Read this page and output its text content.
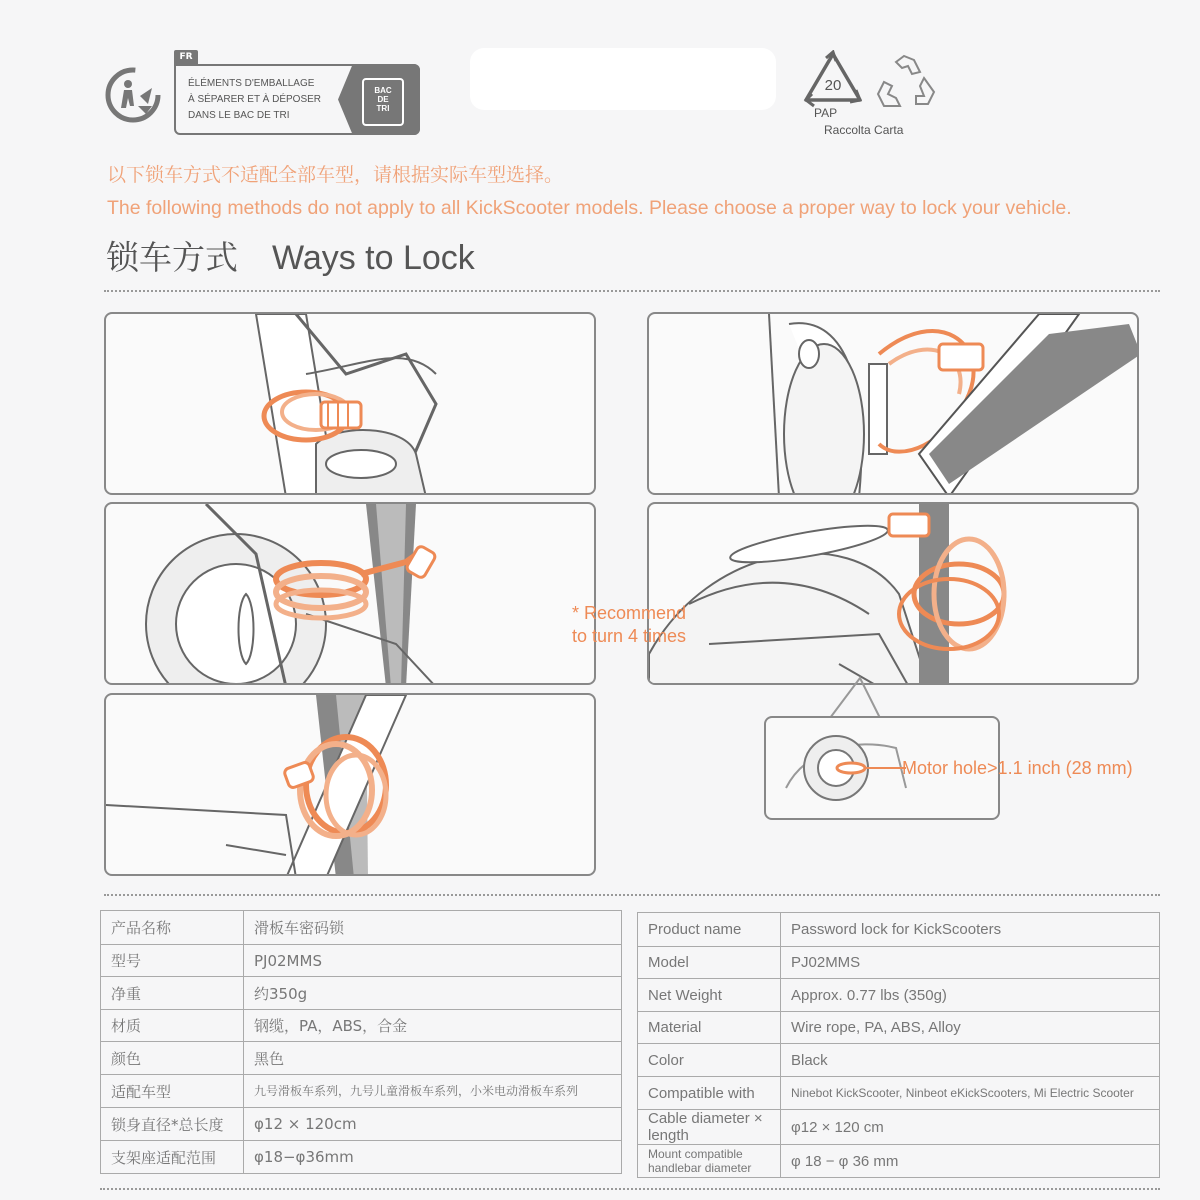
FR
ÉLÉMENTS D'EMBALLAGE
À SÉPARER ET À DÉPOSER
DANS LE BAC DE TRI
BAC
DE
TRI
20
PAP
Raccolta Carta
以下锁车方式不适配全部车型，请根据实际车型选择。
The following methods do not apply to all KickScooter models. Please choose a proper way to lock your vehicle.
锁车方式 Ways to Lock
* Recommend
to turn 4 times
Motor hole>1.1 inch (28 mm)
产品名称	滑板车密码锁
型号	PJ02MMS
净重	约350g
材质	钢缆，PA，ABS，合金
颜色	黑色
适配车型	九号滑板车系列，九号儿童滑板车系列，小米电动滑板车系列
锁身直径*总长度	φ12 × 120cm
支架座适配范围	φ18−φ36mm
Product name	Password lock for KickScooters
Model	PJ02MMS
Net Weight	Approx. 0.77 lbs (350g)
Material	Wire rope, PA, ABS, Alloy
Color	Black
Compatible with	Ninebot KickScooter, Ninbeot eKickScooters, Mi Electric Scooter
Cable diameter × length	φ12 × 120 cm
Mount compatible handlebar diameter	φ 18 − φ 36 mm
